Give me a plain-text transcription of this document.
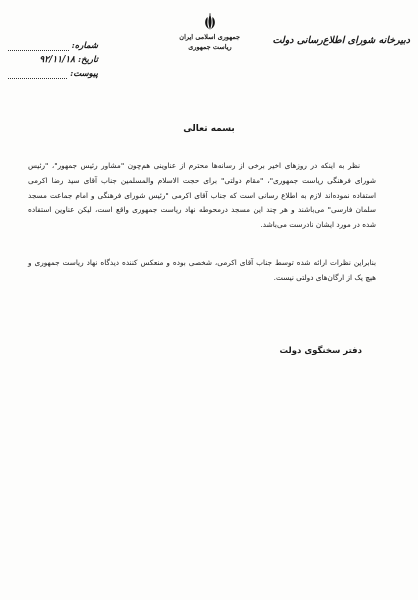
دبیرخانه شورای اطلاع‌رسانی دولت
جمهوری اسلامی ایران
ریاست جمهوری
شماره:
تاریخ:
۹۲/۱۱/۱۸
پیوست:
بسمه تعالی
نظر به اینکه در روزهای اخیر برخی از رسانه‌ها محترم از عناوینی هم‌چون "مشاور رئیس جمهور"، "رئیس شورای فرهنگی ریاست جمهوری"، "مقام دولتی" برای حجت الاسلام والمسلمین جناب آقای سید رضا اکرمی استفاده نموده‌اند لازم به اطلاع رسانی است که جناب آقای اکرمی "رئیس شورای فرهنگی و امام جماعت مسجد سلمان فارسی" می‌باشند و هر چند این مسجد درمحوطه نهاد ریاست جمهوری واقع است، لیکن عناوین استفاده شده در مورد ایشان نادرست می‌باشد.
بنابراین نظرات ارائه شده توسط جناب آقای اکرمی، شخصی بوده و منعکس کننده دیدگاه نهاد ریاست جمهوری و هیچ یک از ارگان‌های دولتی نیست.
دفتر سخنگوی دولت
